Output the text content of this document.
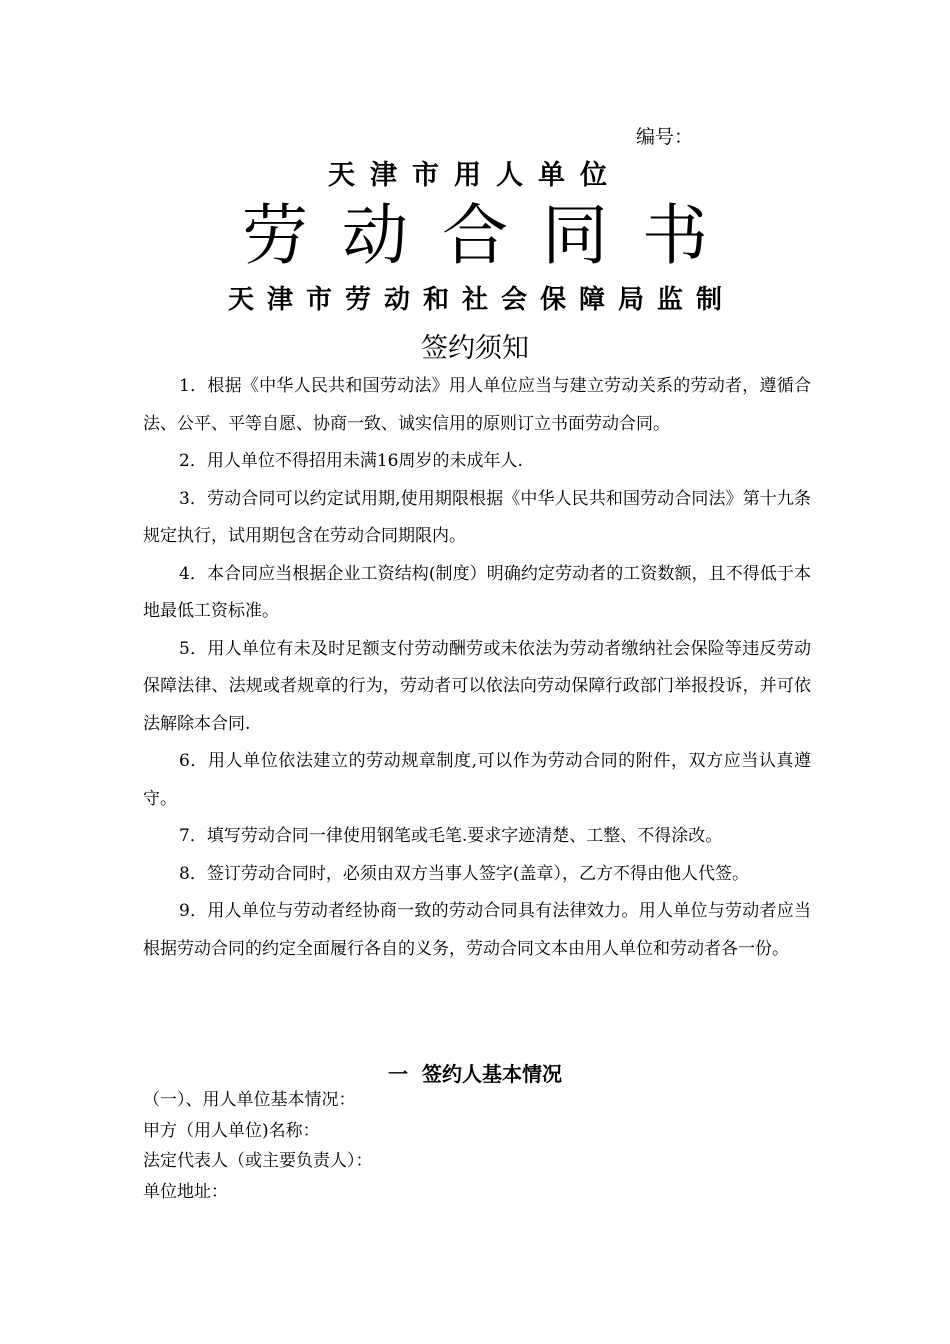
编号：
天津市用人单位
劳动合同书
天津市劳动和社会保障局监制
签约须知

1．根据《中华人民共和国劳动法》用人单位应当与建立劳动关系的劳动者，遵循合法、公平、平等自愿、协商一致、诚实信用的原则订立书面劳动合同。

2．用人单位不得招用未满16周岁的未成年人.

3．劳动合同可以约定试用期,使用期限根据《中华人民共和国劳动合同法》第十九条规定执行，试用期包含在劳动合同期限内。

4．本合同应当根据企业工资结构(制度）明确约定劳动者的工资数额，且不得低于本地最低工资标准。

5．用人单位有未及时足额支付劳动酬劳或未依法为劳动者缴纳社会保险等违反劳动保障法律、法规或者规章的行为，劳动者可以依法向劳动保障行政部门举报投诉，并可依法解除本合同.

6．用人单位依法建立的劳动规章制度,可以作为劳动合同的附件，双方应当认真遵守。

7．填写劳动合同一律使用钢笔或毛笔.要求字迹清楚、工整、不得涂改。

8．签订劳动合同时，必须由双方当事人签字(盖章），乙方不得由他人代签。

9．用人单位与劳动者经协商一致的劳动合同具有法律效力。用人单位与劳动者应当根据劳动合同的约定全面履行各自的义务，劳动合同文本由用人单位和劳动者各一份。

一  签约人基本情况

（一）、用人单位基本情况：

甲方（用人单位)名称：

法定代表人（或主要负责人）：

单位地址：
